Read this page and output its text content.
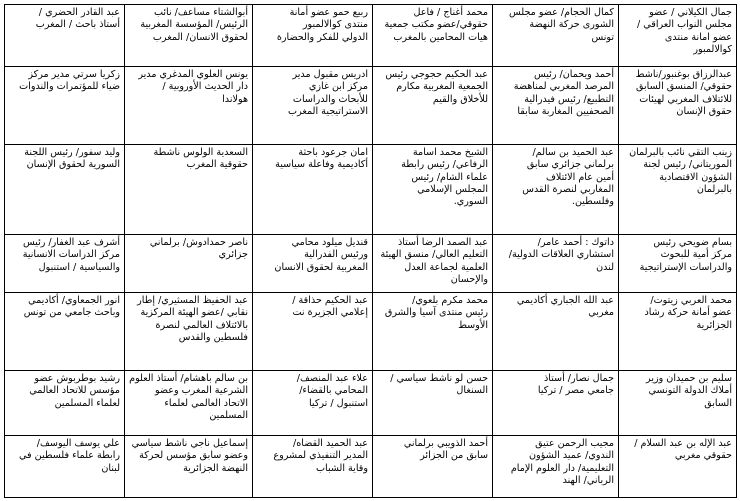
جمال الكيلاني / عضو
مجلس النواب العراقي /
عضو امانة منتدى
كوالالمبور	كمال الحجام/ عضو مجلس
الشورى حركة النهضة
تونس	محمد أغناج / فاعل
حقوقي/عضو مكتب جمعية
هيات المحامين بالمغرب	ربيع حمو عضو أمانة
منتدى كوالالمبور
الدولي للفكر والحضارة	أبوالشتاء مساعف/ نائب
الرئيس/ المؤسسة المغربية
لحقوق الانسان/ المغرب	عبد القادر الحضري /
أستاذ باحث / المغرب
عبدالرزاق بوغنبور/ناشط
حقوقي/ المنسق السابق
للائتلاف المغربي لهيئات
حقوق الإنسان	أحمد ويحمان/ رئيس
المرصد المغربي لمناهضة
التطبيع/ رئيس فيدرالية
الصحفيين المغاربة سابقا	عبد الحكيم حجوجي رئيس
الجمعية المغربية مكارم
للأخلاق والقيم	ادريس مقبول مدير
مركز ابن غازي
للأبحاث والدراسات
الاستراتيجية المغرب	يونس العلوي المدغري مدير
دار الحديث الأوروبية /
هولاندا	زكريا سرتي مدير مركز
ضياء للمؤتمرات والندوات
زينب التقي نائب بالبرلمان
الموريتاني/ رئيس لجنة
الشؤون الاقتصادية
بالبرلمان	عبد الحميد بن سالم/
برلماني جزائري سابق
أمين عام الائتلاف
المغاربي لنصرة القدس
وفلسطين.	الشيخ محمد اسامة
الرفاعي/ رئيس رابطة
علماء الشام/ رئيس
المجلس الإسلامي
السوري.	امان جرعود باحثة
أكاديمية وفاعلة سياسية	السعدية الولوس ناشطة
حقوقية المغرب	وليد سفور/ رئيس اللجنة
السورية لحقوق الإنسان
بسام ضويحي رئيس
مركز أمية للبحوث
والدراسات الإستراتيجية	داتوك : أحمد عامر/
استشاري العلاقات الدولية/
لندن	عبد الصمد الرضا أستاذ
التعليم العالي/ منسق الهيئة
العلمية لجماعة العدل
والإحسان	قنديل ميلود محامي
ورئيس الفدرالية
المغربية لحقوق الانسان	ناصر حمدادوش/ برلماني
جزائري	أشرف عبد الغفار/ رئيس
مركز الدراسات الانسانية
والسياسية / استنبول
محمد العربي زيتوت/
عضو أمانة حركة رشاد
الجزائرية	عبد الله الجباري أكاديمي
مغربي	محمد مكرم بلعوي/
رئيس منتدى آسيا والشرق
الأوسط	عبد الحكيم حذاقة /
إعلامي الجزيرة نت	عبد الحفيظ المسثيري/ إطار
نقابي /عضو الهيئة المركزية
بالائتلاف العالمي لنصرة
فلسطين والقدس	انور الجمعاوي/ أكاديمي
وباحث جامعي من تونس
سليم بن حميدان وزير
أملاك الدولة التونسي
السابق	جمال نصار/ أستاذ
جامعي مصر / تركيا	حسن لو ناشط سياسي /
السنغال	علاء عبد المنصف/
المحامي بالقضاء/
استنبول / تركيا	بن سالم باهشام/ أستاذ العلوم
الشرعية المغرب وعضو
الاتحاد العالمي لعلماء
المسلمين	رشيد بوطربوش عضو
مؤسس للاتحاد العالمي
لعلماء المسلمين
عبد الإله بن عبد السلام /
حقوقي مغربي	مجيب الرحمن عتيق
الندوي/ عميد الشؤون
التعليمية/ دار العلوم الإمام
الرباني/ الهند	أحمد الذويبي برلماني
سابق من الجزائر	عبد الحميد القضاه/
المدير التنفيذي لمشروع
وقاية الشباب	إسماعيل ناجي ناشط سياسي
وعضو سابق مؤسس لحركة
النهضة الجزائرية	علي يوسف اليوسف/
رابطة علماء فلسطين في
لبنان
